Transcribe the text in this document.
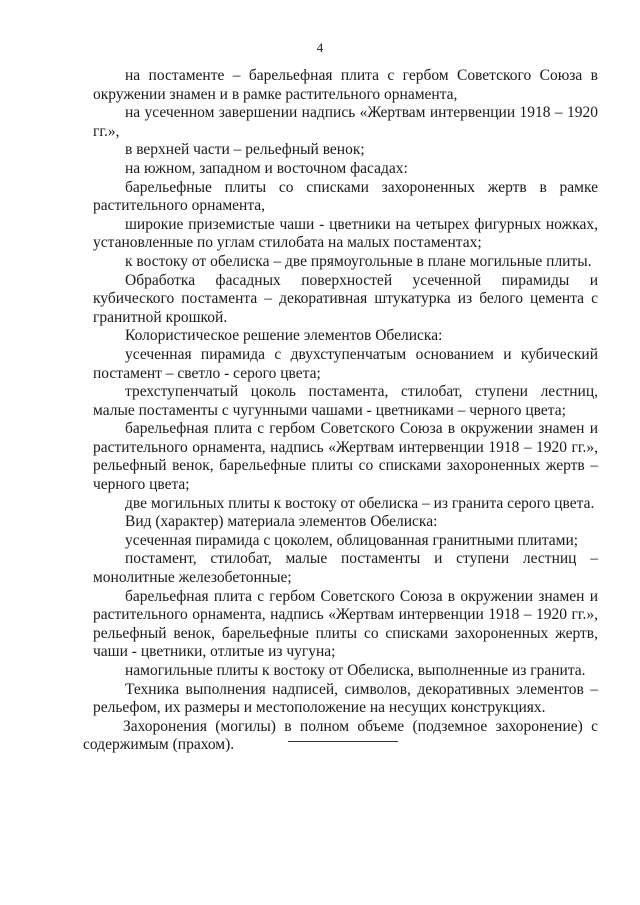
4

на постаменте – барельефная плита с гербом Советского Союза в окружении знамен и в рамке растительного орнамента,

на усеченном завершении надпись «Жертвам интервенции 1918 – 1920 гг.»,

в верхней части – рельефный венок;

на южном, западном и восточном фасадах:

барельефные плиты со списками захороненных жертв в рамке растительного орнамента,

широкие приземистые чаши - цветники на четырех фигурных ножках, установленные по углам стилобата на малых постаментах;

к востоку от обелиска – две прямоугольные в плане могильные плиты.

Обработка фасадных поверхностей усеченной пирамиды и кубического постамента – декоративная штукатурка из белого цемента с гранитной крошкой.

Колористическое решение элементов Обелиска:

усеченная пирамида с двухступенчатым основанием и кубический постамент – светло - серого цвета;

трехступенчатый цоколь постамента, стилобат, ступени лестниц, малые постаменты с чугунными чашами - цветниками – черного цвета;

барельефная плита с гербом Советского Союза в окружении знамен и растительного орнамента, надпись «Жертвам интервенции 1918 – 1920 гг.», рельефный венок, барельефные плиты со списками захороненных жертв – черного цвета;

две могильных плиты к востоку от обелиска – из гранита серого цвета.

Вид (характер) материала элементов Обелиска:

усеченная пирамида с цоколем, облицованная гранитными плитами;

постамент, стилобат, малые постаменты и ступени лестниц – монолитные железобетонные;

барельефная плита с гербом Советского Союза в окружении знамен и растительного орнамента, надпись «Жертвам интервенции 1918 – 1920 гг.», рельефный венок, барельефные плиты со списками захороненных жертв, чаши - цветники, отлитые из чугуна;

намогильные плиты к востоку от Обелиска, выполненные из гранита.

Техника выполнения надписей, символов, декоративных элементов – рельефом, их размеры и местоположение на несущих конструкциях.

Захоронения (могилы) в полном объеме (подземное захоронение) с содержимым (прахом).
